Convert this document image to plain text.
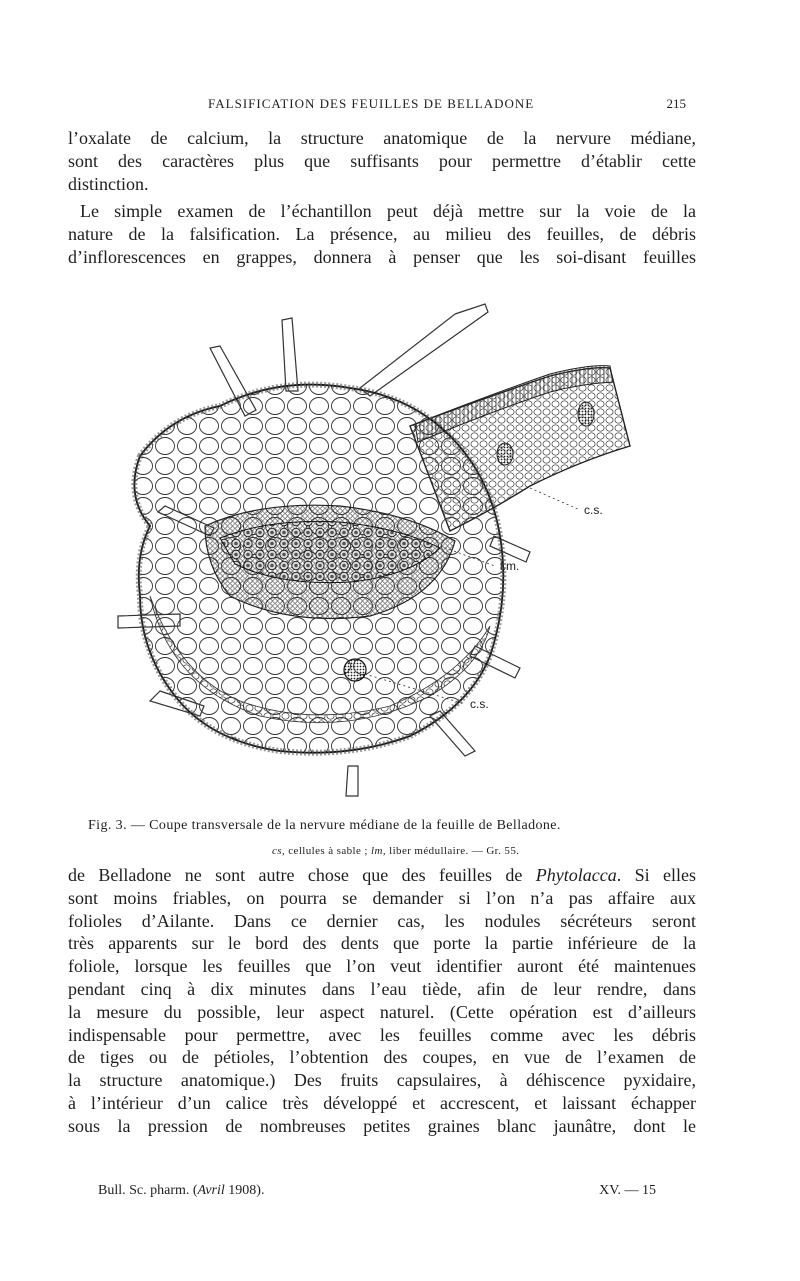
FALSIFICATION DES FEUILLES DE BELLADONE	215

l’oxalate de calcium, la structure anatomique de la nervure médiane,
sont des caractères plus que suffisants pour permettre d’établir cette
distinction.

Le simple examen de l’échantillon peut déjà mettre sur la voie de la
nature de la falsification. La présence, au milieu des feuilles, de débris
d’inflorescences en grappes, donnera à penser que les soi-disant feuilles

c.s.
l.m.
c.s.
Fig. 3. — Coupe transversale de la nervure médiane de la feuille de Belladone.
cs, cellules à sable ; lm, liber médullaire. — Gr. 55.

de Belladone ne sont autre chose que des feuilles de Phytolacca. Si elles
sont moins friables, on pourra se demander si l’on n’a pas affaire aux
folioles d’Ailante. Dans ce dernier cas, les nodules sécréteurs seront
très apparents sur le bord des dents que porte la partie inférieure de la
foliole, lorsque les feuilles que l’on veut identifier auront été maintenues
pendant cinq à dix minutes dans l’eau tiède, afin de leur rendre, dans
la mesure du possible, leur aspect naturel. (Cette opération est d’ailleurs
indispensable pour permettre, avec les feuilles comme avec les débris
de tiges ou de pétioles, l’obtention des coupes, en vue de l’examen de
la structure anatomique.) Des fruits capsulaires, à déhiscence pyxidaire,
à l’intérieur d’un calice très développé et accrescent, et laissant échapper
sous la pression de nombreuses petites graines blanc jaunâtre, dont le

Bull. Sc. pharm. (Avril 1908).	XV. — 15
